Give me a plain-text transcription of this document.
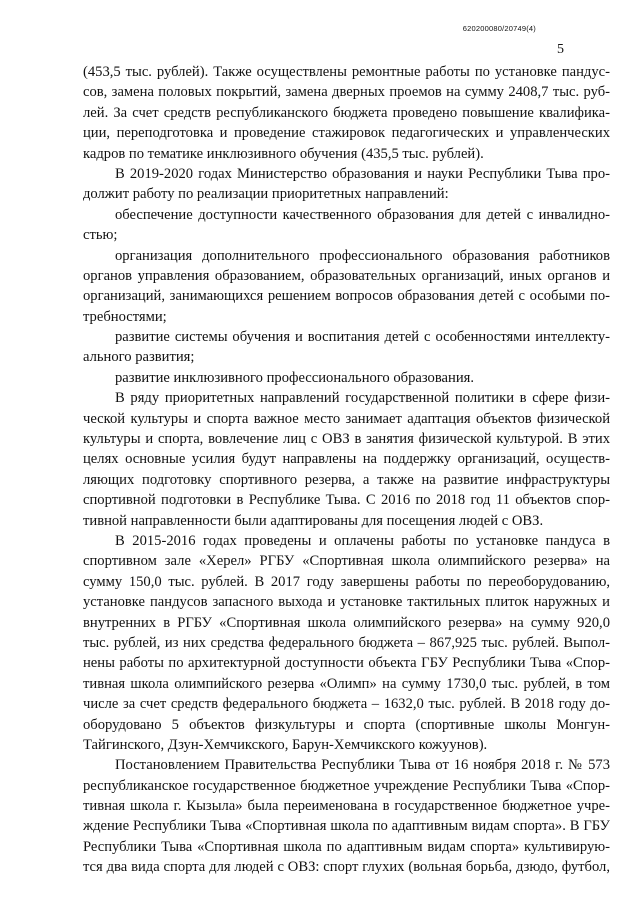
620200080/20749(4)
5
(453,5 тыс. рублей). Также осуществлены ремонтные работы по установке пандус-
сов, замена половых покрытий, замена дверных проемов на сумму 2408,7 тыс. руб-
лей. За счет средств республиканского бюджета проведено повышение квалифика-
ции, переподготовка и проведение стажировок педагогических и управленческих
кадров по тематике инклюзивного обучения (435,5 тыс. рублей).
В 2019-2020 годах Министерство образования и науки Республики Тыва про-
должит работу по реализации приоритетных направлений:
обеспечение доступности качественного образования для детей с инвалидно-
стью;
организация дополнительного профессионального образования работников
органов управления образованием, образовательных организаций, иных органов и
организаций, занимающихся решением вопросов образования детей с особыми по-
требностями;
развитие системы обучения и воспитания детей с особенностями интеллекту-
ального развития;
развитие инклюзивного профессионального образования.
В ряду приоритетных направлений государственной политики в сфере физи-
ческой культуры и спорта важное место занимает адаптация объектов физической
культуры и спорта, вовлечение лиц с ОВЗ в занятия физической культурой. В этих
целях основные усилия будут направлены на поддержку организаций, осуществ-
ляющих подготовку спортивного резерва, а также на развитие инфраструктуры
спортивной подготовки в Республике Тыва. С 2016 по 2018 год 11 объектов спор-
тивной направленности были адаптированы для посещения людей с ОВЗ.
В 2015-2016 годах проведены и оплачены работы по установке пандуса в
спортивном зале «Херел» РГБУ «Спортивная школа олимпийского резерва» на
сумму 150,0 тыс. рублей. В 2017 году завершены работы по переоборудованию,
установке пандусов запасного выхода и установке тактильных плиток наружных и
внутренних в РГБУ «Спортивная школа олимпийского резерва» на сумму 920,0
тыс. рублей, из них средства федерального бюджета – 867,925 тыс. рублей. Выпол-
нены работы по архитектурной доступности объекта ГБУ Республики Тыва «Спор-
тивная школа олимпийского резерва «Олимп» на сумму 1730,0 тыс. рублей, в том
числе за счет средств федерального бюджета – 1632,0 тыс. рублей. В 2018 году до-
оборудовано 5 объектов физкультуры и спорта (спортивные школы Монгун-
Тайгинского, Дзун-Хемчикского, Барун-Хемчикского кожуунов).
Постановлением Правительства Республики Тыва от 16 ноября 2018 г. № 573
республиканское государственное бюджетное учреждение Республики Тыва «Спор-
тивная школа г. Кызыла» была переименована в государственное бюджетное учре-
ждение Республики Тыва «Спортивная школа по адаптивным видам спорта». В ГБУ
Республики Тыва «Спортивная школа по адаптивным видам спорта» культивирую-
тся два вида спорта для людей с ОВЗ: спорт глухих (вольная борьба, дзюдо, футбол,
